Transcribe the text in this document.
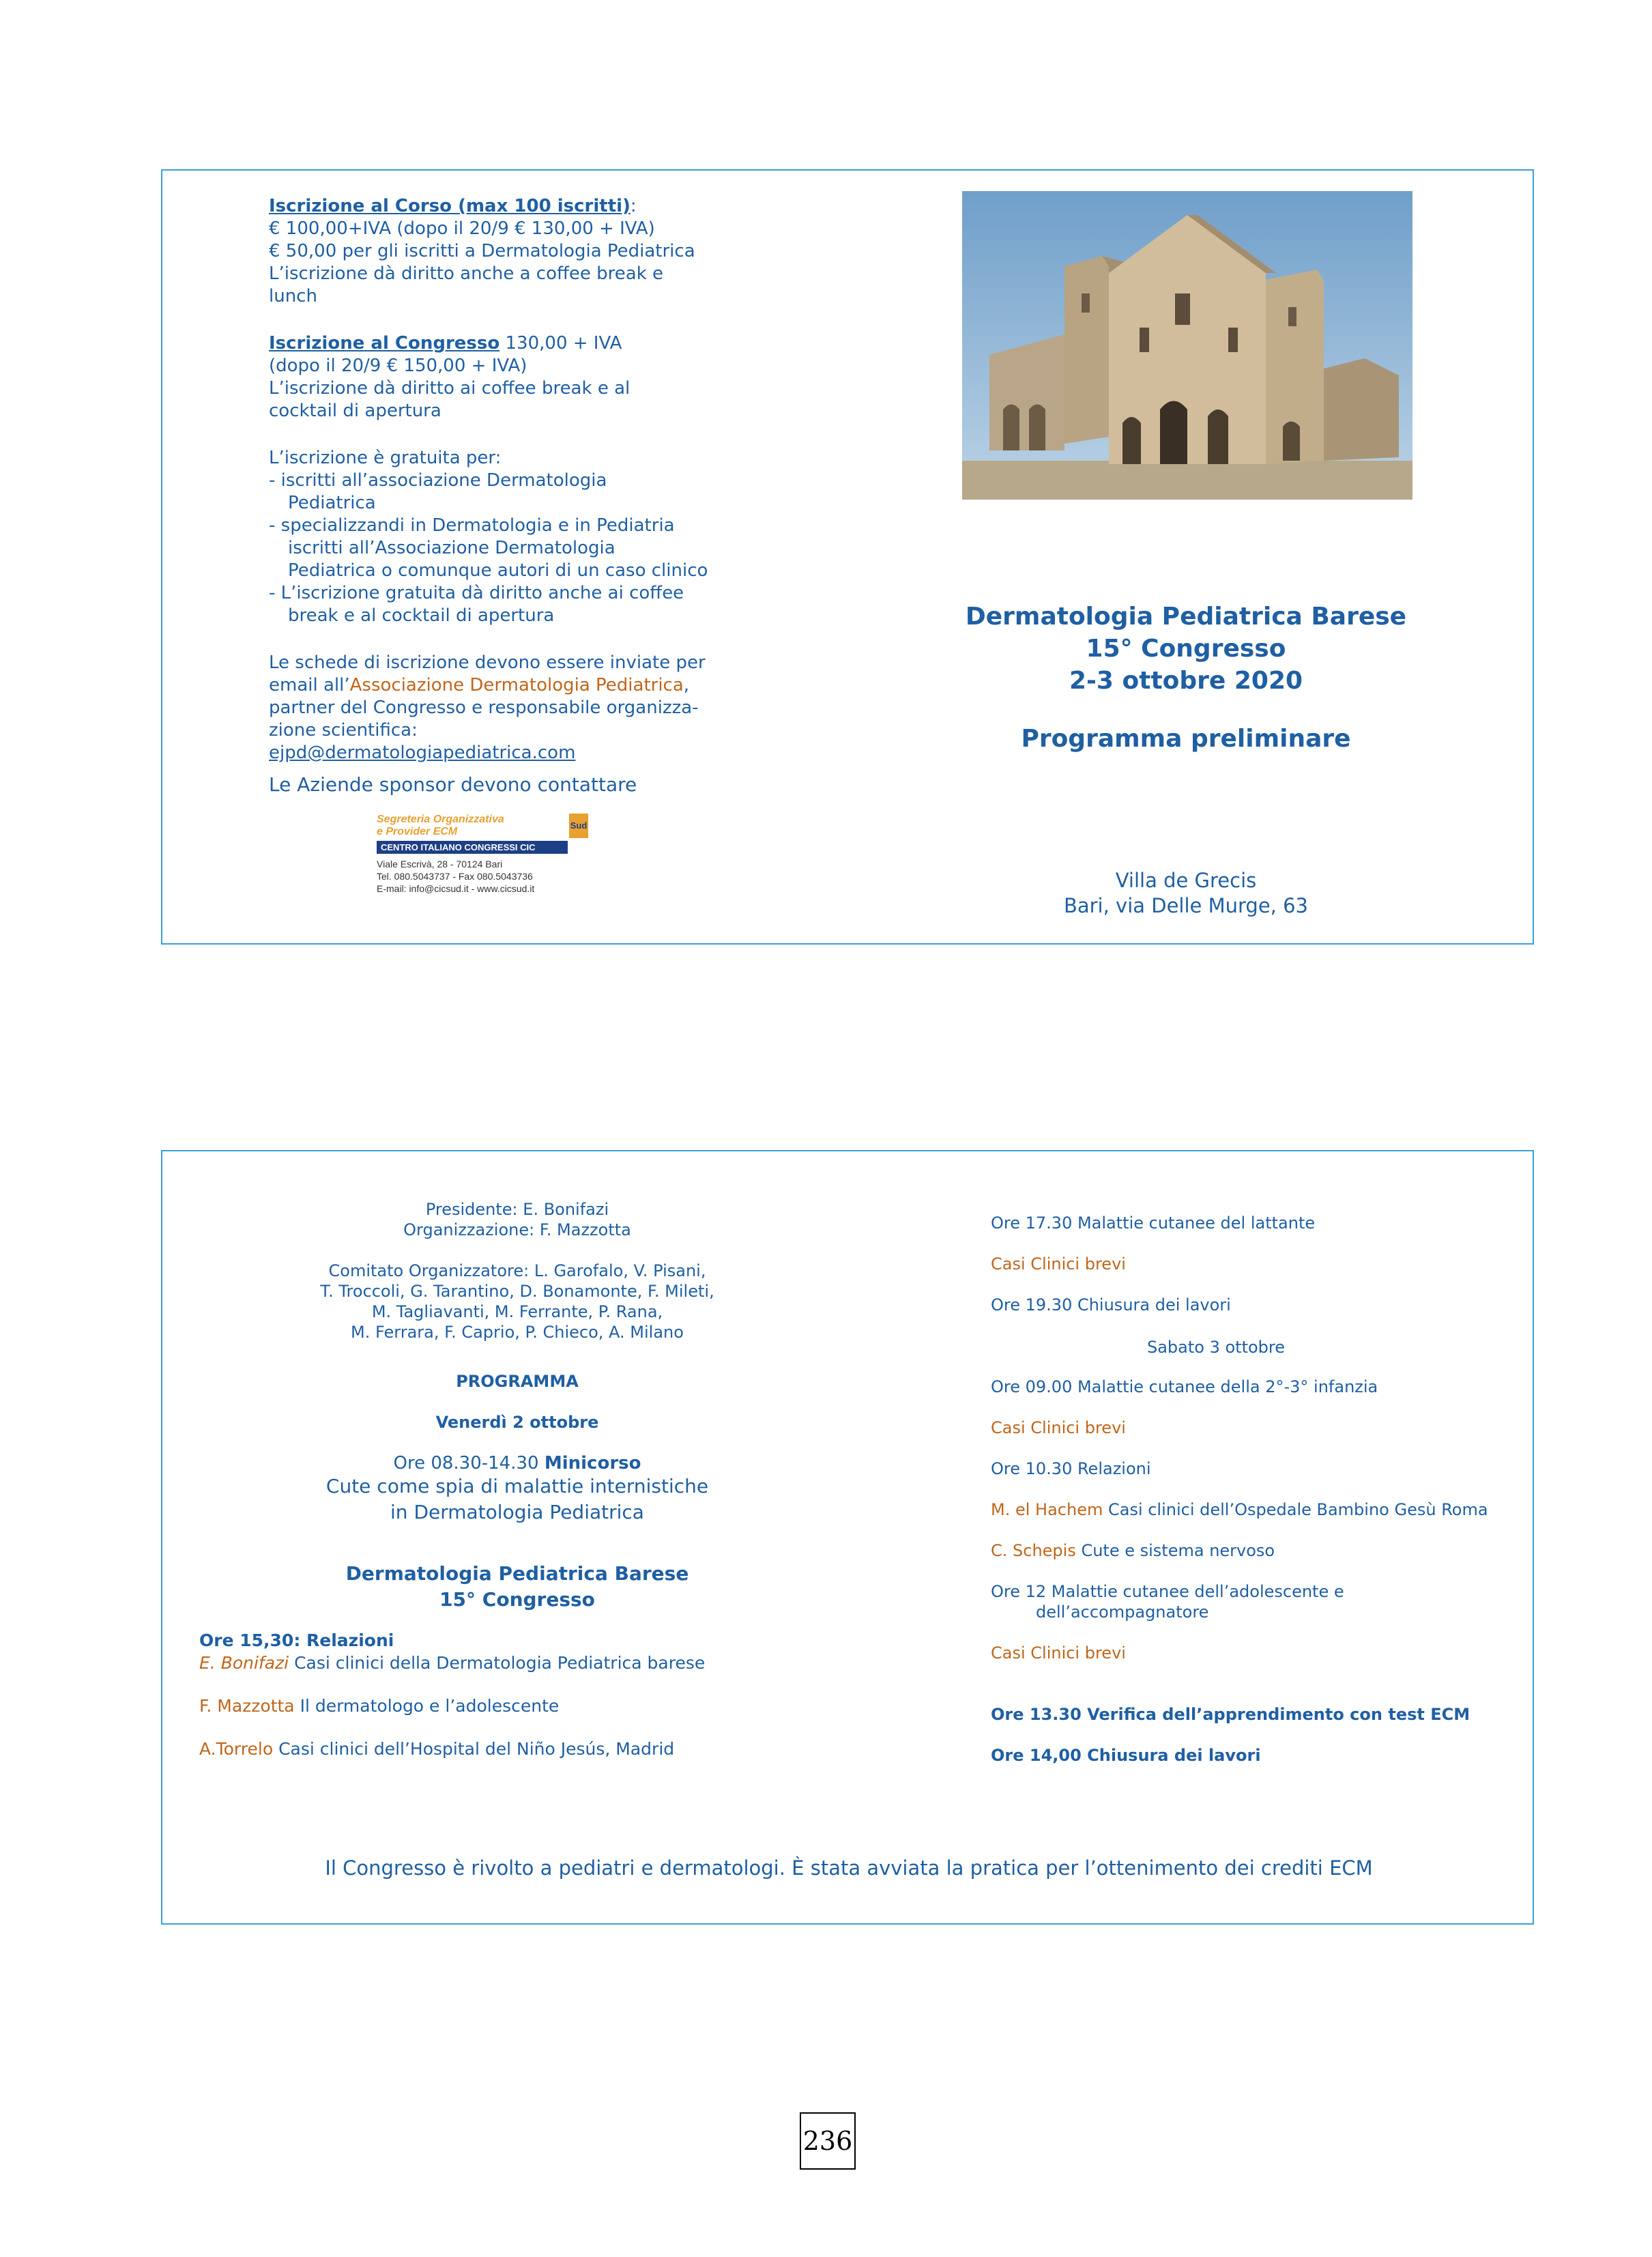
Iscrizione al Corso (max 100 iscritti):
€ 100,00+IVA (dopo il 20/9 € 130,00 + IVA)
€ 50,00 per gli iscritti a Dermatologia Pediatrica
L’iscrizione dà diritto anche a coffee break e
lunch
Iscrizione al Congresso 130,00 + IVA
(dopo il 20/9 € 150,00 + IVA)
L’iscrizione dà diritto ai coffee break e al
cocktail di apertura
L’iscrizione è gratuita per:
- iscritti all’associazione Dermatologia
Pediatrica
- specializzandi in Dermatologia e in Pediatria
iscritti all’Associazione Dermatologia
Pediatrica o comunque autori di un caso clinico
- L’iscrizione gratuita dà diritto anche ai coffee
break e al cocktail di apertura
Le schede di iscrizione devono essere inviate per
email all’Associazione Dermatologia Pediatrica,
partner del Congresso e responsabile organizza-
zione scientifica:
ejpd@dermatologiapediatrica.com
Le Aziende sponsor devono contattare
Segreteria Organizzativa
e Provider ECM
Sud
CENTRO ITALIANO CONGRESSI CIC
Viale Escrivà, 28 - 70124 Bari
Tel. 080.5043737 - Fax 080.5043736
E-mail: info@cicsud.it - www.cicsud.it
Dermatologia Pediatrica Barese
15° Congresso
2-3 ottobre 2020
Programma preliminare
Villa de Grecis
Bari, via Delle Murge, 63
Presidente: E. Bonifazi
Organizzazione: F. Mazzotta
Comitato Organizzatore: L. Garofalo, V. Pisani,
T. Troccoli, G. Tarantino, D. Bonamonte, F. Mileti,
M. Tagliavanti, M. Ferrante, P. Rana,
M. Ferrara, F. Caprio, P. Chieco, A. Milano
PROGRAMMA
Venerdì 2 ottobre
Ore 08.30-14.30 Minicorso
Cute come spia di malattie internistiche
in Dermatologia Pediatrica
Dermatologia Pediatrica Barese
15° Congresso
Ore 15,30: Relazioni
E. Bonifazi Casi clinici della Dermatologia Pediatrica barese
F. Mazzotta Il dermatologo e l’adolescente
A.Torrelo Casi clinici dell’Hospital del Niño Jesús, Madrid
Ore 17.30 Malattie cutanee del lattante
Casi Clinici brevi
Ore 19.30 Chiusura dei lavori
Sabato 3 ottobre
Ore 09.00 Malattie cutanee della 2°-3° infanzia
Casi Clinici brevi
Ore 10.30 Relazioni
M. el Hachem Casi clinici dell’Ospedale Bambino Gesù Roma
C. Schepis Cute e sistema nervoso
Ore 12 Malattie cutanee dell’adolescente e
dell’accompagnatore
Casi Clinici brevi
Ore 13.30 Verifica dell’apprendimento con test ECM
Ore 14,00 Chiusura dei lavori
Il Congresso è rivolto a pediatri e dermatologi. È stata avviata la pratica per l’ottenimento dei crediti ECM
236
